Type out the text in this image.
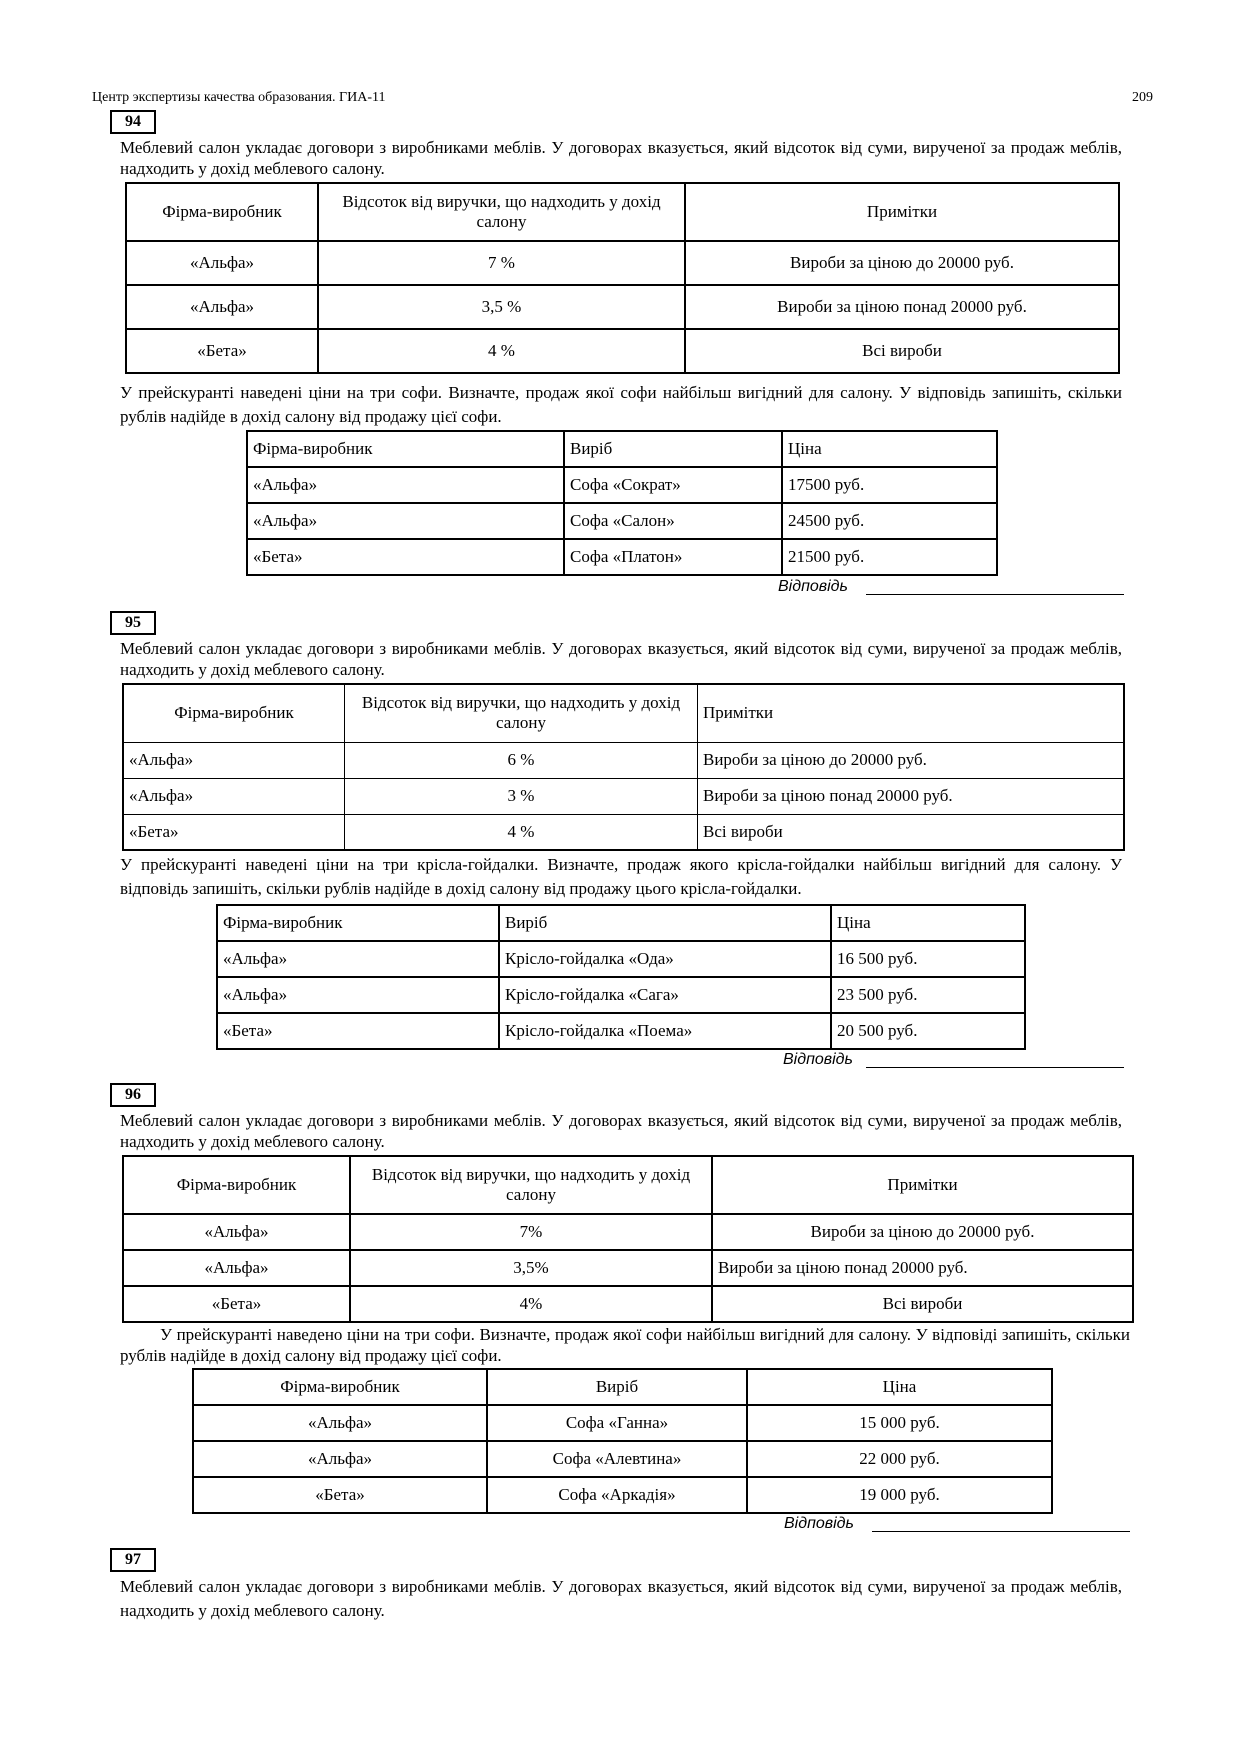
Центр экспертизы качества образования. ГИА-11	209
94
Меблевий салон укладає договори з виробниками меблів. У договорах вказується, який відсоток від суми, виручeної за продаж меблів, надходить у дохід меблевого салону.
Фірма-виробник	Відсоток від виручки, що надходить у дохід салону	Примітки
«Альфа»	7 %	Вироби за ціною до 20000 руб.
«Альфа»	3,5 %	Вироби за ціною понад 20000 руб.
«Бета»	4 %	Всі вироби
У прейскуранті наведені ціни на три софи. Визначте, продаж якої софи найбільш вигідний для салону. У відповідь запишіть, скільки рублів надійде в дохід салону від продажу цієї софи.
Фірма-виробник	Виріб	Ціна
«Альфа»	Софа «Сократ»	17500 руб.
«Альфа»	Софа «Салон»	24500 руб.
«Бета»	Софа «Платон»	21500 руб.
Відповідь
95
Меблевий салон укладає договори з виробниками меблів. У договорах вказується, який відсоток від суми, виручeної за продаж меблів, надходить у дохід меблевого салону.
Фірма-виробник	Відсоток від виручки, що надходить у дохід салону	Примітки
«Альфа»	6 %	Вироби за ціною до 20000 руб.
«Альфа»	3 %	Вироби за ціною понад 20000 руб.
«Бета»	4 %	Всі вироби
У прейскуранті наведені ціни на три крісла-гойдалки. Визначте, продаж якого крісла-гойдалки найбільш вигідний для салону. У відповідь запишіть, скільки рублів надійде в дохід салону від продажу цього крісла-гойдалки.
Фірма-виробник	Виріб	Ціна
«Альфа»	Крісло-гойдалка «Ода»	16 500 руб.
«Альфа»	Крісло-гойдалка «Сага»	23 500 руб.
«Бета»	Крісло-гойдалка «Поема»	20 500 руб.
Відповідь
96
Меблевий салон укладає договори з виробниками меблів. У договорах вказується, який відсоток від суми, виручeної за продаж меблів, надходить у дохід меблевого салону.
Фірма-виробник	Відсоток від виручки, що надходить у дохід салону	Примітки
«Альфа»	7%	Вироби за ціною до 20000 руб.
«Альфа»	3,5%	Вироби за ціною понад 20000 руб.
«Бета»	4%	Всі вироби
У прейскуранті наведено ціни на три софи. Визначте, продаж якої софи найбільш вигідний для салону. У відповіді запишіть, скільки рублів надійде в дохід салону від продажу цієї софи.
Фірма-виробник	Виріб	Ціна
«Альфа»	Софа «Ганна»	15 000 руб.
«Альфа»	Софа «Алевтина»	22 000 руб.
«Бета»	Софа «Аркадія»	19 000 руб.
Відповідь
97
Меблевий салон укладає договори з виробниками меблів. У договорах вказується, який відсоток від суми, виручeної за продаж меблів, надходить у дохід меблевого салону.
